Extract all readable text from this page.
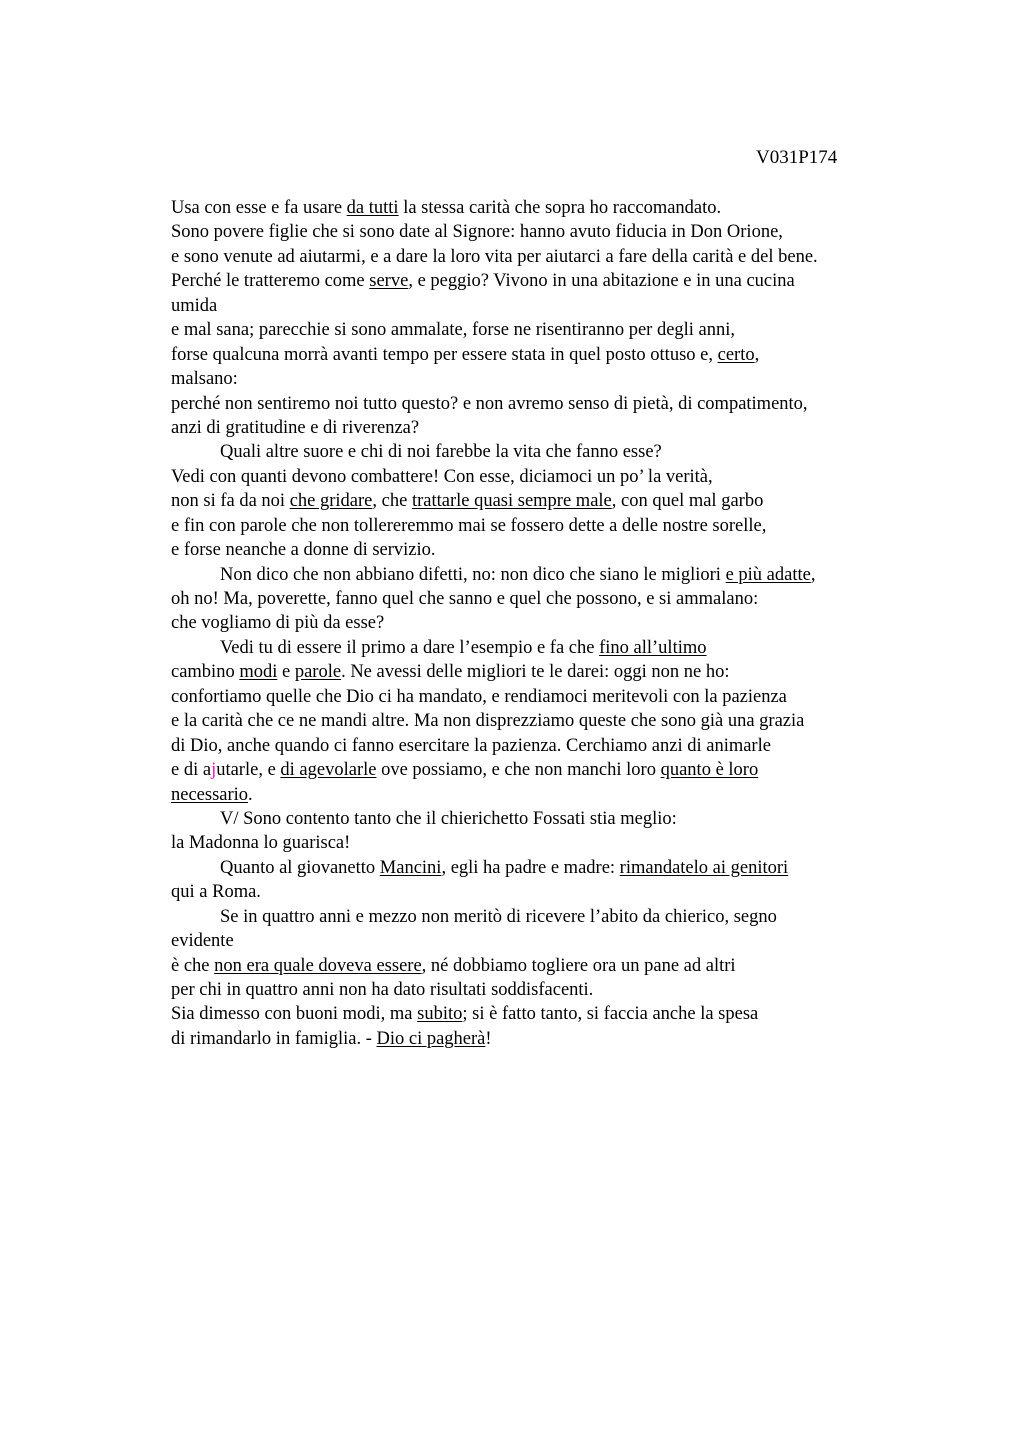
V031P174
Usa con esse e fa usare da tutti la stessa carità che sopra ho raccomandato.
Sono povere figlie che si sono date al Signore: hanno avuto fiducia in Don Orione,
e sono venute ad aiutarmi, e a dare la loro vita per aiutarci a fare della carità e del bene.
Perché le tratteremo come serve, e peggio? Vivono in una abitazione e in una cucina
umida
e mal sana; parecchie si sono ammalate, forse ne risentiranno per degli anni,
forse qualcuna morrà avanti tempo per essere stata in quel posto ottuso e, certo,
malsano:
perché non sentiremo noi tutto questo? e non avremo senso di pietà, di compatimento,
anzi di gratitudine e di riverenza?
Quali altre suore e chi di noi farebbe la vita che fanno esse?
Vedi con quanti devono combattere! Con esse, diciamoci un po’ la verità,
non si fa da noi che gridare, che trattarle quasi sempre male, con quel mal garbo
e fin con parole che non tollereremmo mai se fossero dette a delle nostre sorelle,
e forse neanche a donne di servizio.
Non dico che non abbiano difetti, no: non dico che siano le migliori e più adatte,
oh no! Ma, poverette, fanno quel che sanno e quel che possono, e si ammalano:
che vogliamo di più da esse?
Vedi tu di essere il primo a dare l’esempio e fa che fino all’ultimo
cambino modi e parole. Ne avessi delle migliori te le darei: oggi non ne ho:
confortiamo quelle che Dio ci ha mandato, e rendiamoci meritevoli con la pazienza
e la carità che ce ne mandi altre. Ma non disprezziamo queste che sono già una grazia
di Dio, anche quando ci fanno esercitare la pazienza. Cerchiamo anzi di animarle
e di ajutarle, e di agevolarle ove possiamo, e che non manchi loro quanto è loro
necessario.
V/ Sono contento tanto che il chierichetto Fossati stia meglio:
la Madonna lo guarisca!
Quanto al giovanetto Mancini, egli ha padre e madre: rimandatelo ai genitori
qui a Roma.
Se in quattro anni e mezzo non meritò di ricevere l’abito da chierico, segno
evidente
è che non era quale doveva essere, né dobbiamo togliere ora un pane ad altri
per chi in quattro anni non ha dato risultati soddisfacenti.
Sia dimesso con buoni modi, ma subito; si è fatto tanto, si faccia anche la spesa
di rimandarlo in famiglia. - Dio ci pagherà!
